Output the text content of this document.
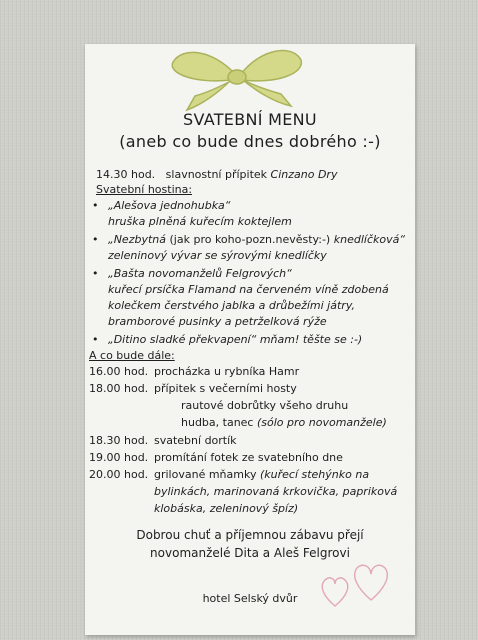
SVATEBNÍ MENU
(aneb co bude dnes dobrého :-)
14.30 hod. slavnostní přípitek Cinzano Dry
Svatební hostina:
• „Alešova jednohubka“
hruška plněná kuřecím koktejlem
• „Nezbytná (jak pro koho-pozn.nevěsty:-) knedlíčková“
zeleninový vývar se sýrovými knedlíčky
• „Bašta novomanželů Felgrových“
kuřecí prsíčka Flamand na červeném víně zdobená
kolečkem čerstvého jablka a drůbežími játry,
bramborové pusinky a petrželková rýže
• „Ditino sladké překvapení“ mňam! těšte se :-)
A co bude dále:
16.00 hod. procházka u rybníka Hamr
18.00 hod. přípitek s večerními hosty
rautové dobrůtky všeho druhu
hudba, tanec (sólo pro novomanžele)
18.30 hod. svatební dortík
19.00 hod. promítání fotek ze svatebního dne
20.00 hod. grilované mňamky (kuřecí stehýnko na
bylinkách, marinovaná krkovička, papriková
klobáska, zeleninový špíz)
Dobrou chuť a příjemnou zábavu přejí
novomanželé Dita a Aleš Felgrovi
hotel Selský dvůr
